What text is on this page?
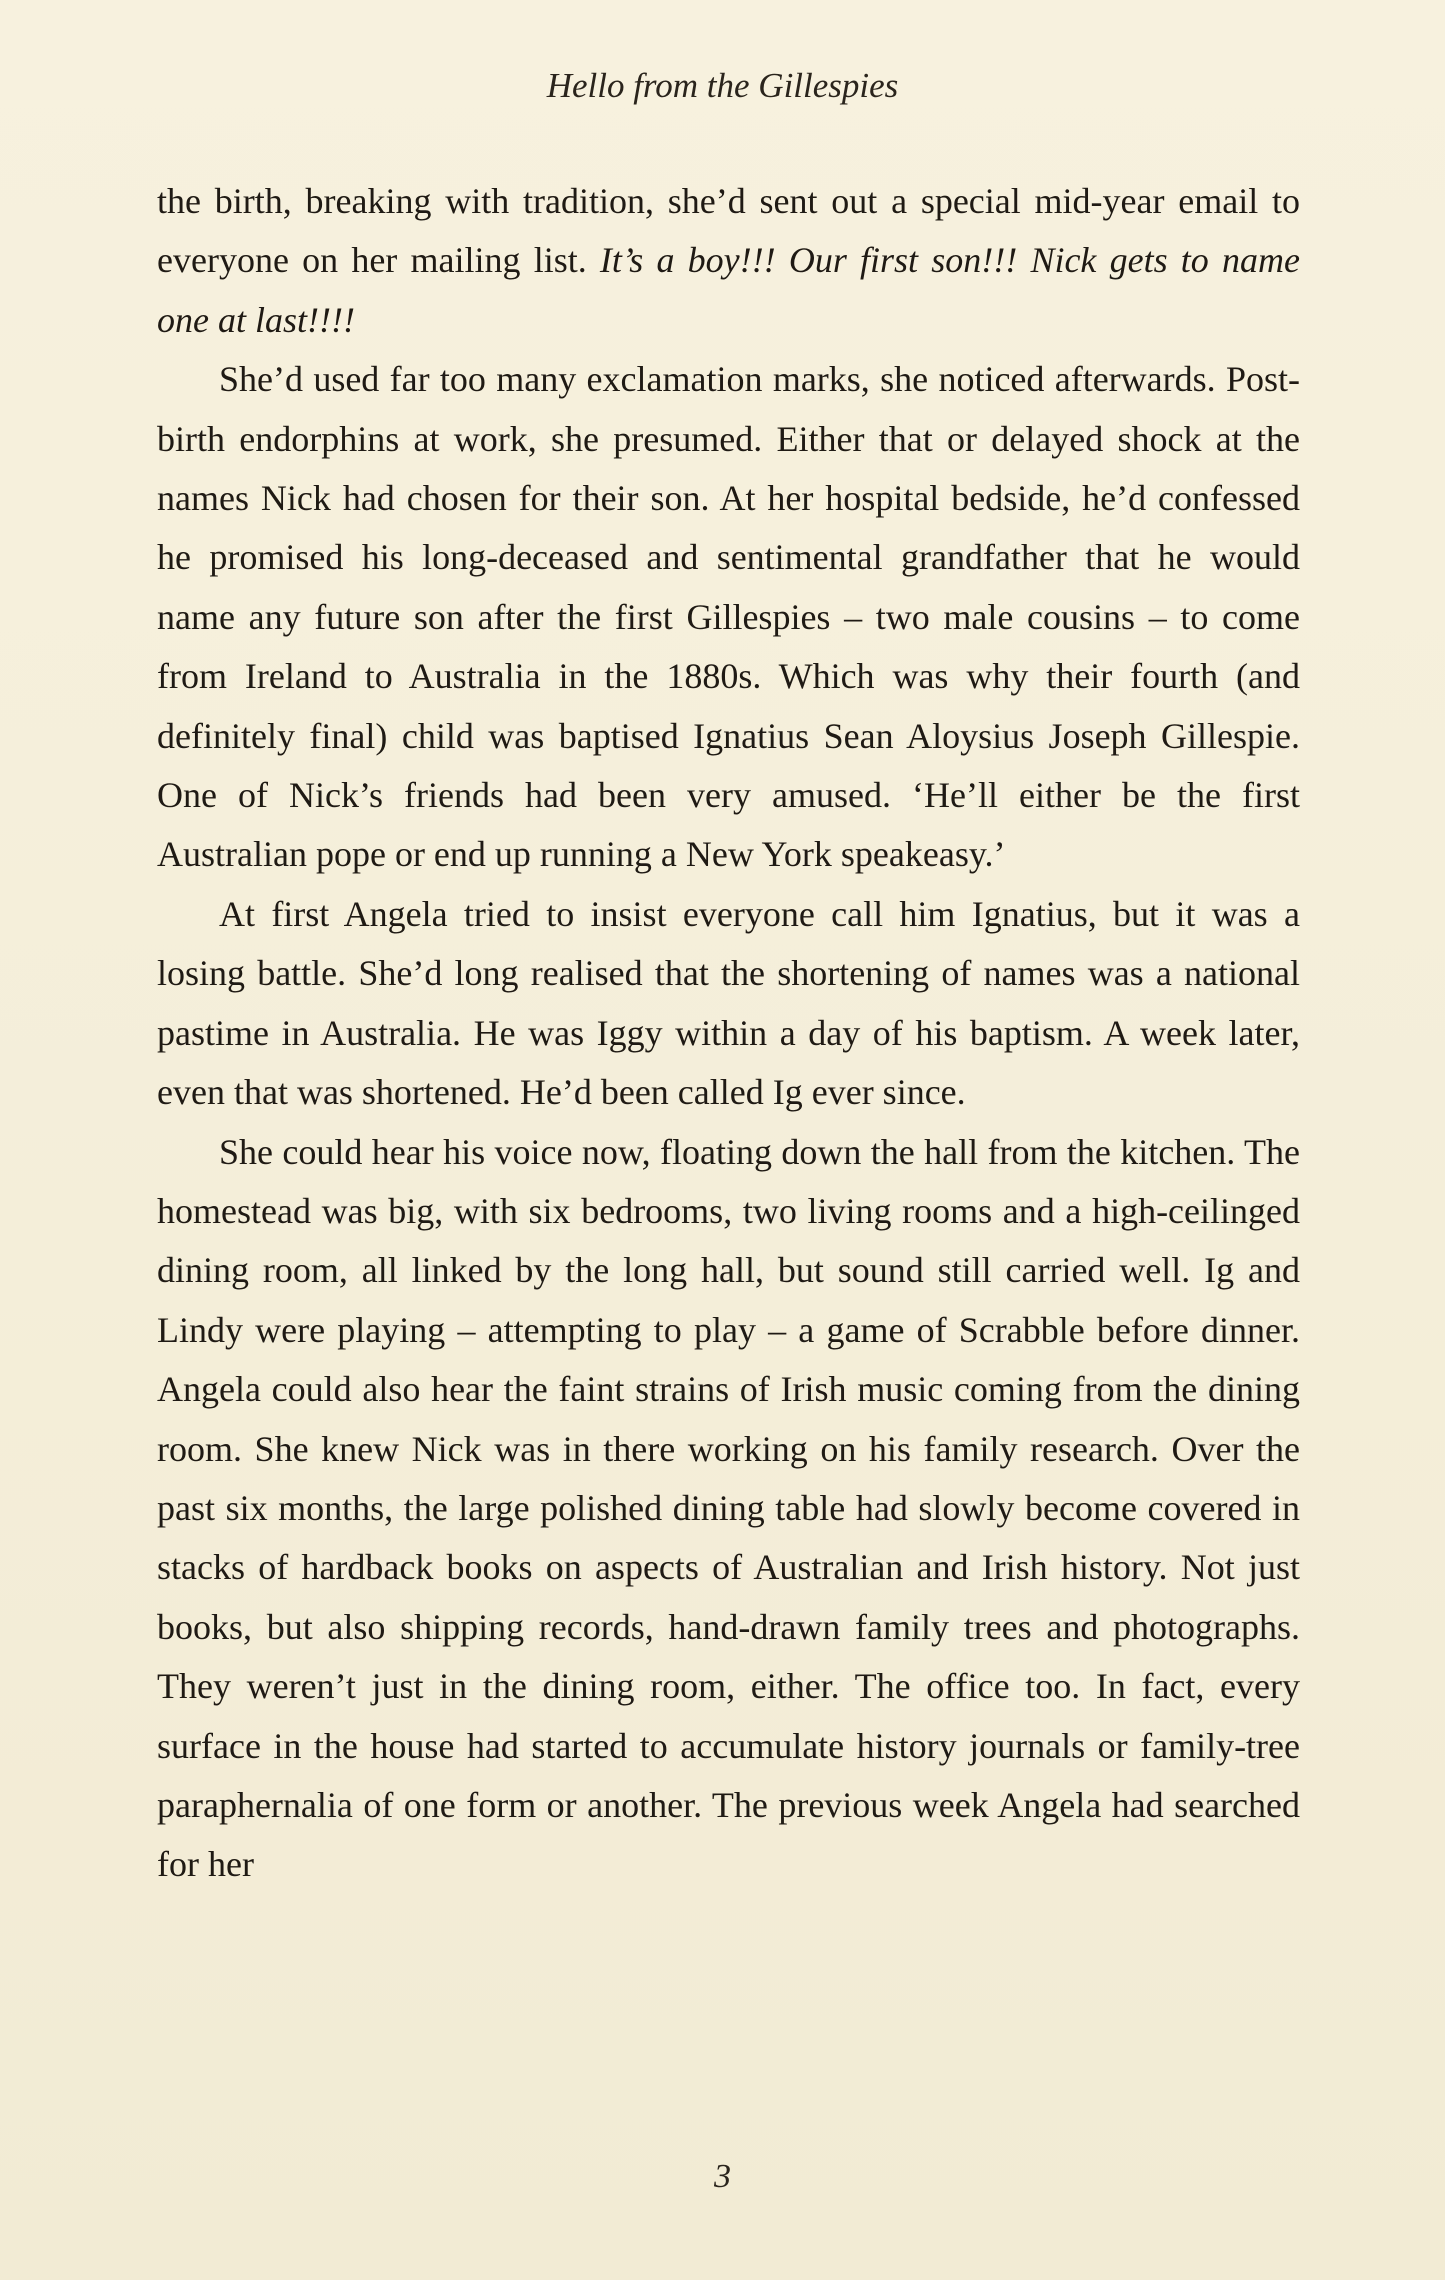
Hello from the Gillespies

the birth, breaking with tradition, she’d sent out a special mid-year email to everyone on her mailing list. It’s a boy!!! Our first son!!! Nick gets to name one at last!!!!

She’d used far too many exclamation marks, she noticed afterwards. Post-birth endorphins at work, she presumed. Either that or delayed shock at the names Nick had chosen for their son. At her hospital bedside, he’d confessed he promised his long-deceased and sentimental grandfather that he would name any future son after the first Gillespies – two male cousins – to come from Ireland to Australia in the 1880s. Which was why their fourth (and definitely final) child was baptised Ignatius Sean Aloysius Joseph Gillespie. One of Nick’s friends had been very amused. ‘He’ll either be the first Australian pope or end up running a New York speakeasy.’

At first Angela tried to insist everyone call him Ignatius, but it was a losing battle. She’d long realised that the shortening of names was a national pastime in Australia. He was Iggy within a day of his baptism. A week later, even that was shortened. He’d been called Ig ever since.

She could hear his voice now, floating down the hall from the kitchen. The homestead was big, with six bedrooms, two living rooms and a high-ceilinged dining room, all linked by the long hall, but sound still carried well. Ig and Lindy were playing – attempting to play – a game of Scrabble before dinner. Angela could also hear the faint strains of Irish music coming from the dining room. She knew Nick was in there working on his family research. Over the past six months, the large polished dining table had slowly become covered in stacks of hardback books on aspects of Australian and Irish history. Not just books, but also shipping records, hand-drawn family trees and photographs. They weren’t just in the dining room, either. The office too. In fact, every surface in the house had started to accumulate history journals or family-tree paraphernalia of one form or another. The previous week Angela had searched for her

3
